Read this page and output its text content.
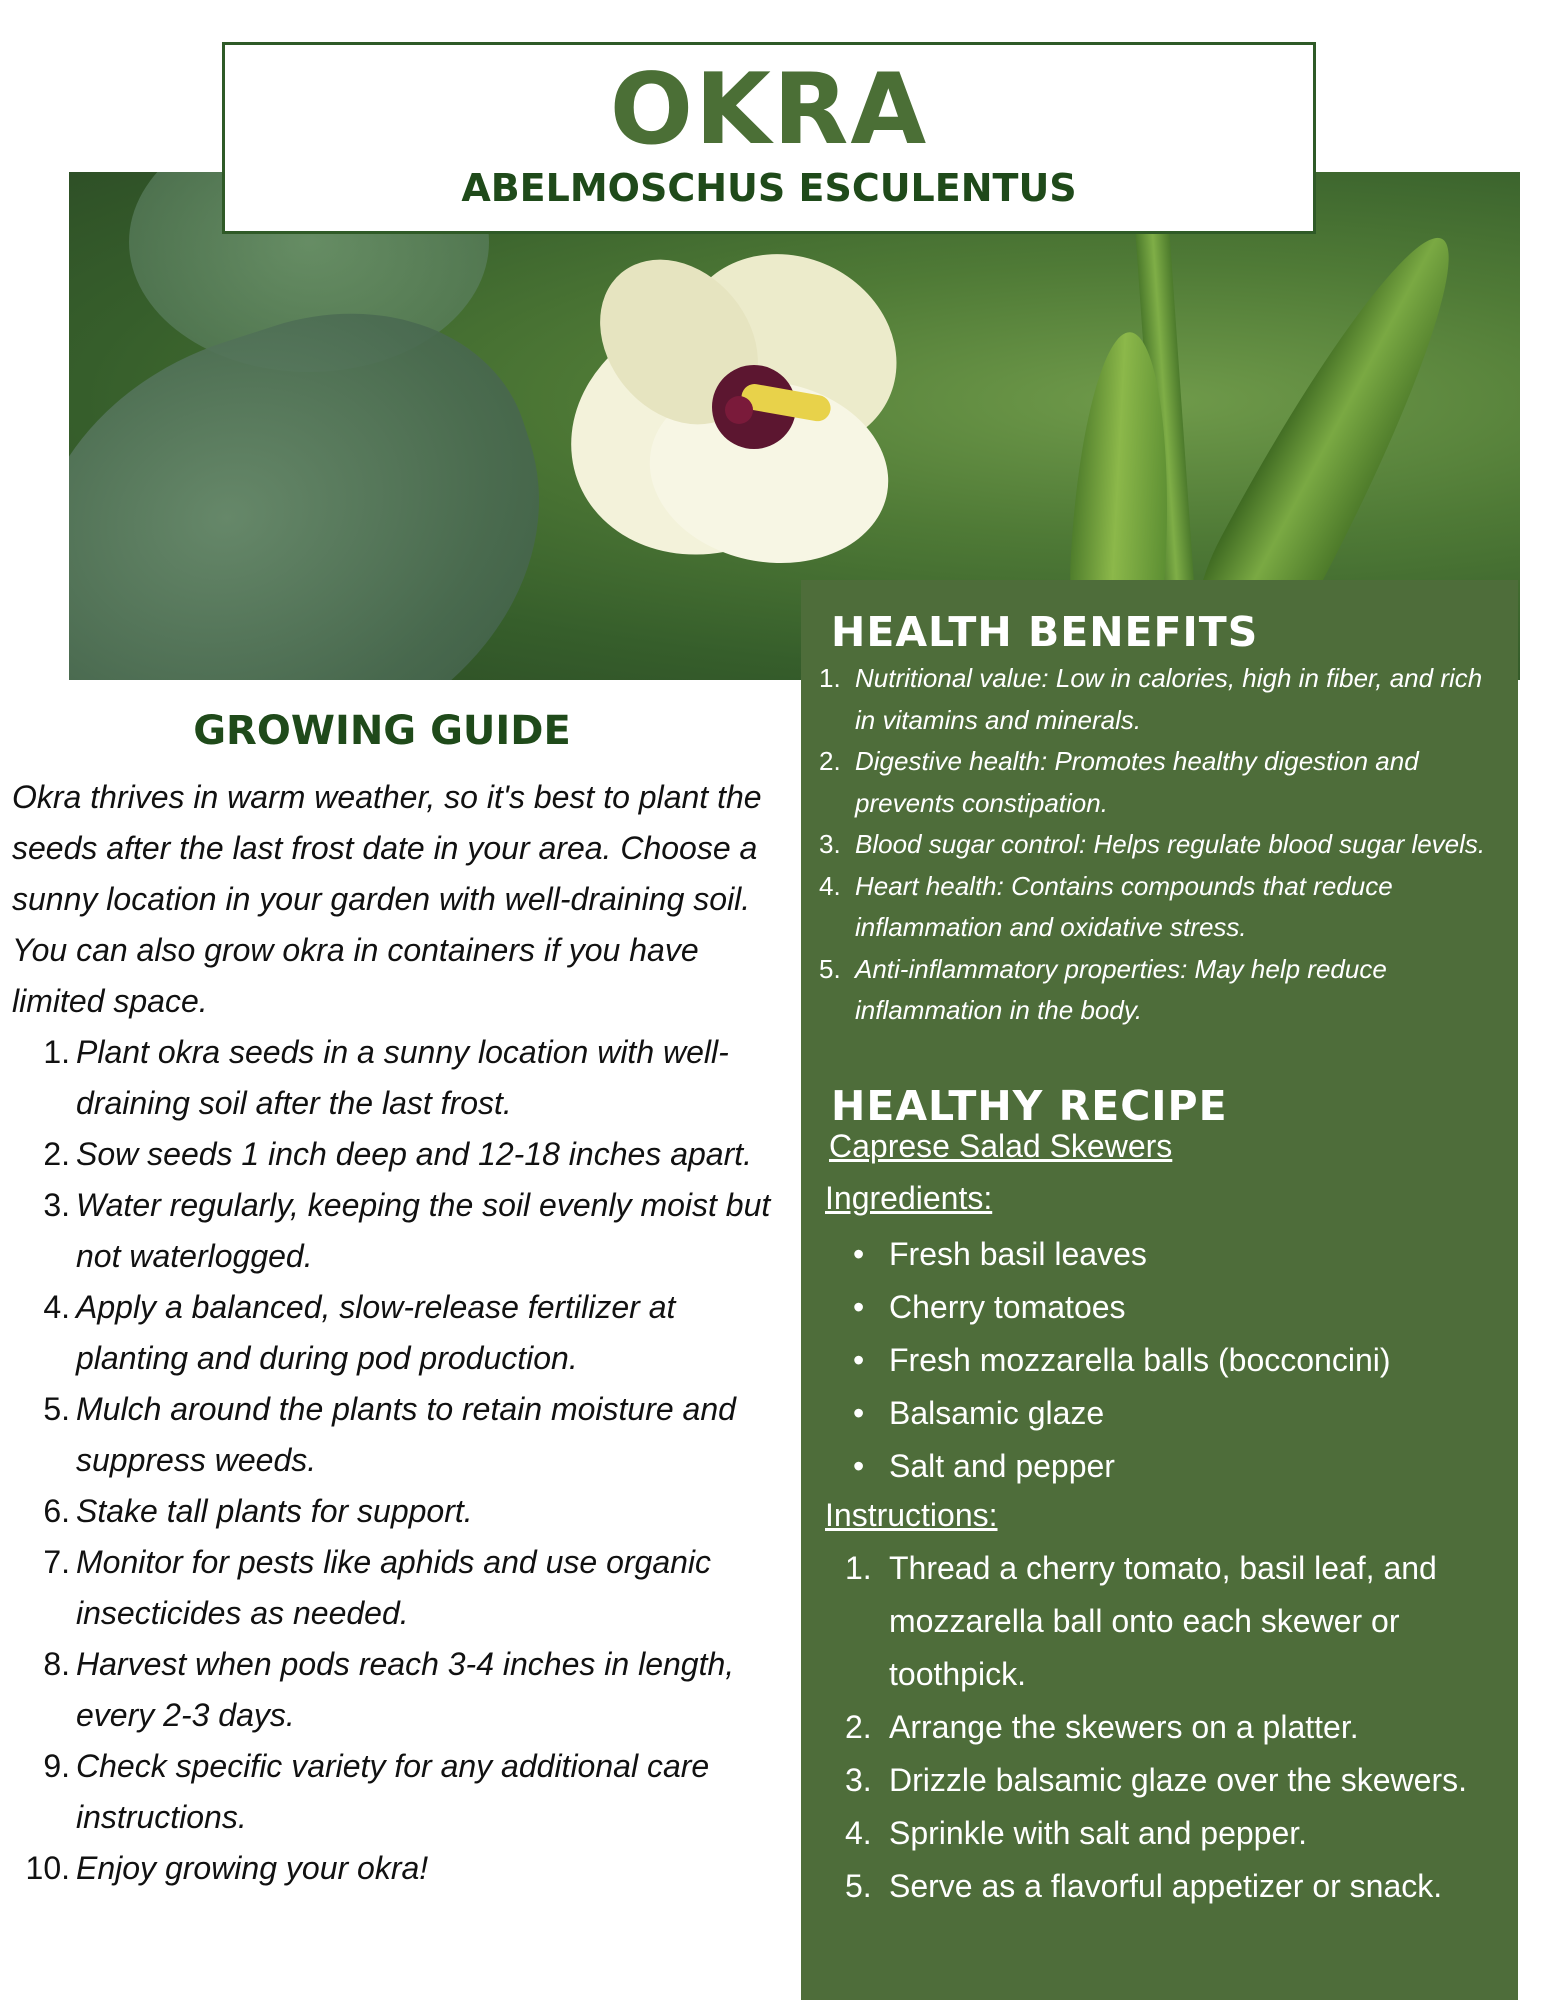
OKRA
ABELMOSCHUS ESCULENTUS
GROWING GUIDE

Okra thrives in warm weather, so it's best to plant the seeds after the last frost date in your area. Choose a sunny location in your garden with well-draining soil. You can also grow okra in containers if you have limited space.

1. Plant okra seeds in a sunny location with well-draining soil after the last frost.
2. Sow seeds 1 inch deep and 12-18 inches apart.
3. Water regularly, keeping the soil evenly moist but not waterlogged.
4. Apply a balanced, slow-release fertilizer at planting and during pod production.
5. Mulch around the plants to retain moisture and suppress weeds.
6. Stake tall plants for support.
7. Monitor for pests like aphids and use organic insecticides as needed.
8. Harvest when pods reach 3-4 inches in length, every 2-3 days.
9. Check specific variety for any additional care instructions.
10. Enjoy growing your okra!
HEALTH BENEFITS
1. Nutritional value: Low in calories, high in fiber, and rich in vitamins and minerals.
2. Digestive health: Promotes healthy digestion and prevents constipation.
3. Blood sugar control: Helps regulate blood sugar levels.
4. Heart health: Contains compounds that reduce inflammation and oxidative stress.
5. Anti-inflammatory properties: May help reduce inflammation in the body.
HEALTHY RECIPE
Caprese Salad Skewers
Ingredients:
• Fresh basil leaves
• Cherry tomatoes
• Fresh mozzarella balls (bocconcini)
• Balsamic glaze
• Salt and pepper
Instructions:
1. Thread a cherry tomato, basil leaf, and mozzarella ball onto each skewer or toothpick.
2. Arrange the skewers on a platter.
3. Drizzle balsamic glaze over the skewers.
4. Sprinkle with salt and pepper.
5. Serve as a flavorful appetizer or snack.
